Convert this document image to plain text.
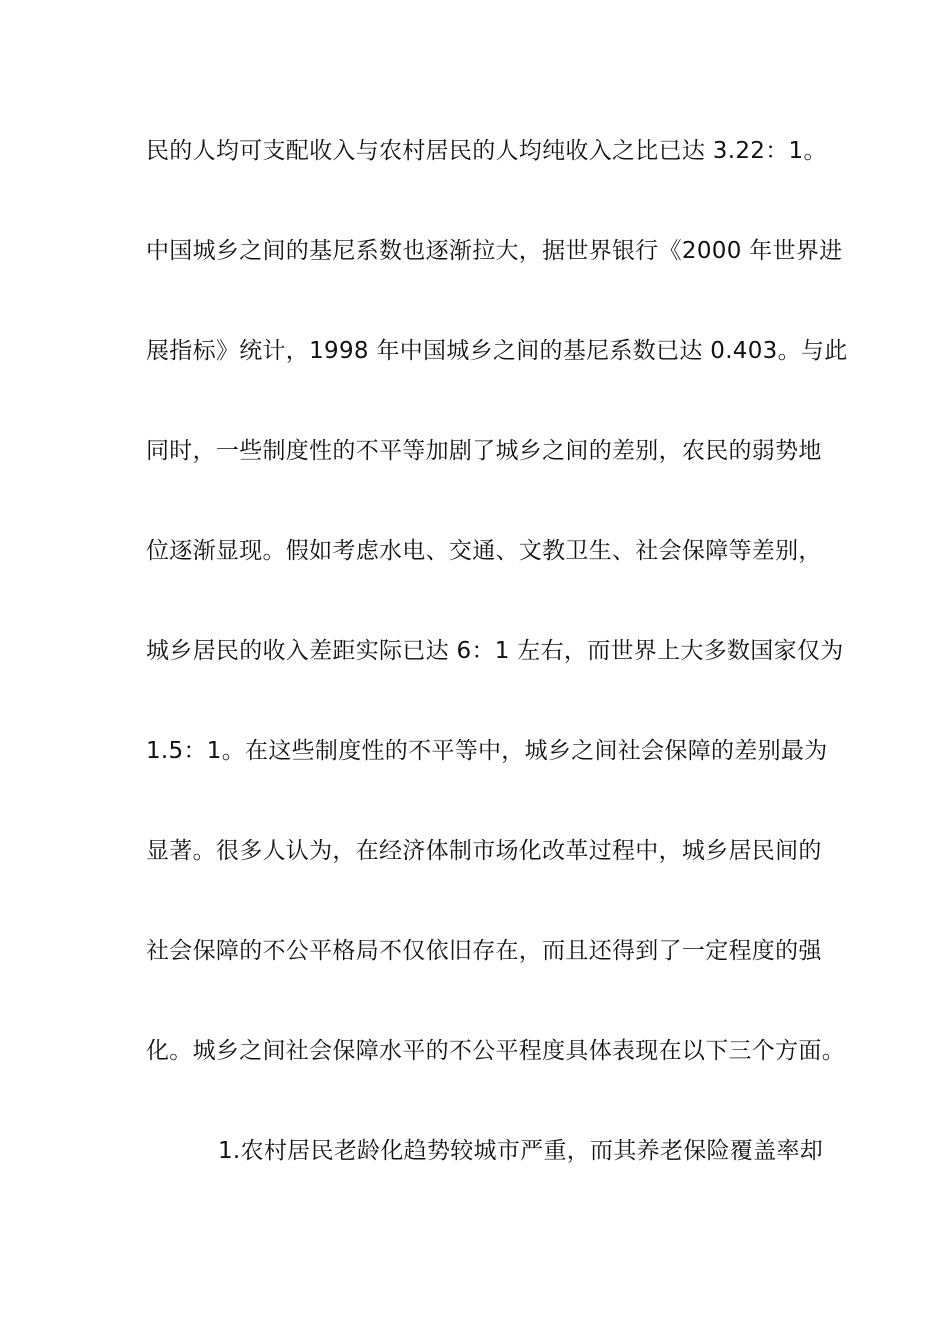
民的人均可支配收入与农村居民的人均纯收入之比已达 3.22：1。
中国城乡之间的基尼系数也逐渐拉大，据世界银行《2000 年世界进
展指标》统计，1998 年中国城乡之间的基尼系数已达 0.403。与此
同时，一些制度性的不平等加剧了城乡之间的差别，农民的弱势地
位逐渐显现。假如考虑水电、交通、文教卫生、社会保障等差别，
城乡居民的收入差距实际已达 6：1 左右，而世界上大多数国家仅为
1.5：1。在这些制度性的不平等中，城乡之间社会保障的差别最为
显著。很多人认为，在经济体制市场化改革过程中，城乡居民间的
社会保障的不公平格局不仅依旧存在，而且还得到了一定程度的强
化。城乡之间社会保障水平的不公平程度具体表现在以下三个方面。
1.农村居民老龄化趋势较城市严重，而其养老保险覆盖率却
